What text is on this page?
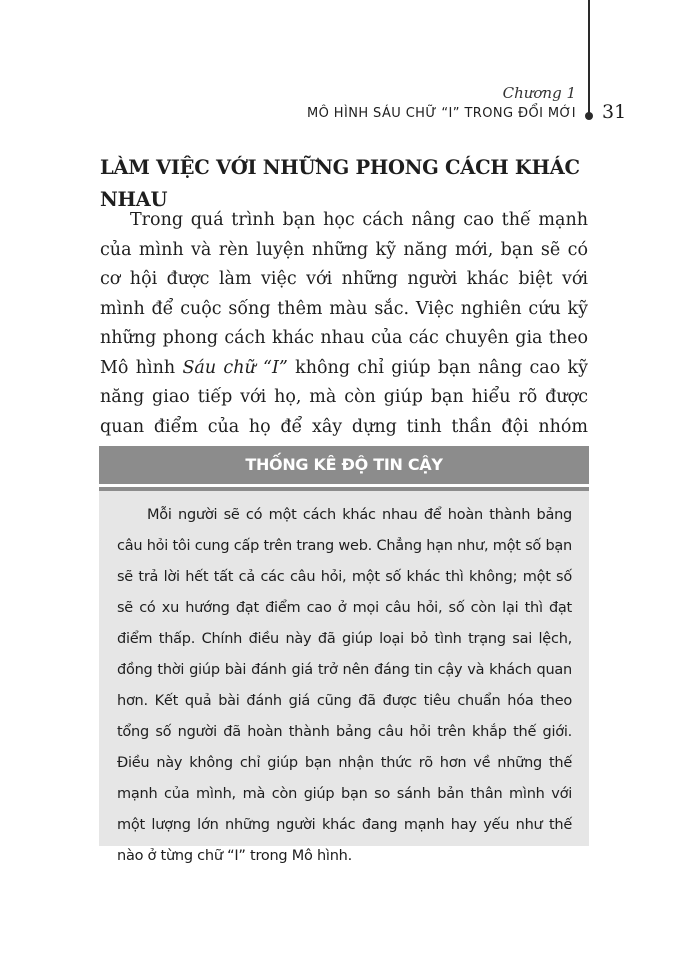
Chương 1
MÔ HÌNH SÁU CHỮ “I” TRONG ĐỔI MỚI 31
LÀM VIỆC VỚI NHỮNG PHONG CÁCH KHÁC NHAU

Trong quá trình bạn học cách nâng cao thế mạnh của mình và rèn luyện những kỹ năng mới, bạn sẽ có cơ hội được làm việc với những người khác biệt với mình để cuộc sống thêm màu sắc. Việc nghiên cứu kỹ những phong cách khác nhau của các chuyên gia theo Mô hình Sáu chữ “I” không chỉ giúp bạn nâng cao kỹ năng giao tiếp với họ, mà còn giúp bạn hiểu rõ được quan điểm của họ để xây dựng tinh thần đội nhóm

THỐNG KÊ ĐỘ TIN CẬY

Mỗi người sẽ có một cách khác nhau để hoàn thành bảng câu hỏi tôi cung cấp trên trang web. Chẳng hạn như, một số bạn sẽ trả lời hết tất cả các câu hỏi, một số khác thì không; một số sẽ có xu hướng đạt điểm cao ở mọi câu hỏi, số còn lại thì đạt điểm thấp. Chính điều này đã giúp loại bỏ tình trạng sai lệch, đồng thời giúp bài đánh giá trở nên đáng tin cậy và khách quan hơn. Kết quả bài đánh giá cũng đã được tiêu chuẩn hóa theo tổng số người đã hoàn thành bảng câu hỏi trên khắp thế giới. Điều này không chỉ giúp bạn nhận thức rõ hơn về những thế mạnh của mình, mà còn giúp bạn so sánh bản thân mình với một lượng lớn những người khác đang mạnh hay yếu như thế nào ở từng chữ “I” trong Mô hình.
